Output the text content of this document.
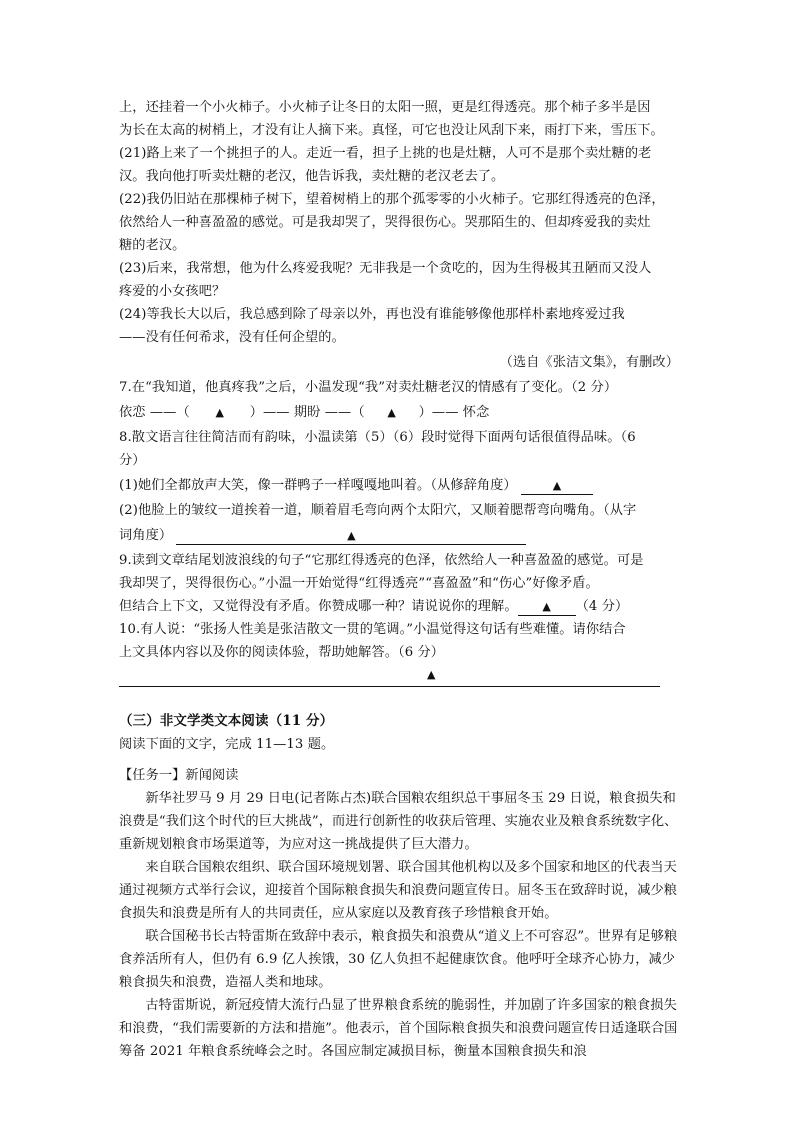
上，还挂着一个小火柿子。小火柿子让冬日的太阳一照，更是红得透亮。那个柿子多半是因

为长在太高的树梢上，才没有让人摘下来。真怪，可它也没让风刮下来，雨打下来，雪压下。

(21)路上来了一个挑担子的人。走近一看，担子上挑的也是灶糖，人可不是那个卖灶糖的老

汉。我向他打听卖灶糖的老汉，他告诉我，卖灶糖的老汉老去了。

(22)我仍旧站在那棵柿子树下，望着树梢上的那个孤零零的小火柿子。它那红得透亮的色泽，

依然给人一种喜盈盈的感觉。可是我却哭了，哭得很伤心。哭那陌生的、但却疼爱我的卖灶

糖的老汉。

(23)后来，我常想，他为什么疼爱我呢？无非我是一个贪吃的，因为生得极其丑陋而又没人

疼爱的小女孩吧？

(24)等我长大以后，我总感到除了母亲以外，再也没有谁能够像他那样朴素地疼爱过我

——没有任何希求，没有任何企望的。

（选自《张洁文集》，有删改）

7.在“我知道，他真疼我”之后，小温发现“我”对卖灶糖老汉的情感有了变化。（2 分）

依恋 ——（ ▲ ）—— 期盼 ——（ ▲ ）—— 怀念

8.散文语言往往简洁而有韵味，小温读第（5）（6）段时觉得下面两句话很值得品味。（6

分）

(1)她们全都放声大笑，像一群鸭子一样嘎嘎地叫着。（从修辞角度）	▲

(2)他脸上的皱纹一道挨着一道，顺着眉毛弯向两个太阳穴，又顺着腮帮弯向嘴角。（从字

词角度）	▲

9.读到文章结尾划波浪线的句子“它那红得透亮的色泽，依然给人一种喜盈盈的感觉。可是

我却哭了，哭得很伤心。”小温一开始觉得“红得透亮”“喜盈盈”和“伤心”好像矛盾。

但结合上下文，又觉得没有矛盾。你赞成哪一种？请说说你的理解。 ▲ （4 分）

10.有人说：“张扬人性美是张洁散文一贯的笔调。”小温觉得这句话有些难懂。请你结合

上文具体内容以及你的阅读体验，帮助她解答。（6 分）

▲

（三）非文学类文本阅读（11 分）

阅读下面的文字，完成 11—13 题。

【任务一】新闻阅读

新华社罗马 9 月 29 日电(记者陈占杰)联合国粮农组织总干事屈冬玉 29 日说，粮食损失和浪费是“我们这个时代的巨大挑战”，而进行创新性的收获后管理、实施农业及粮食系统数字化、重新规划粮食市场渠道等，为应对这一挑战提供了巨大潜力。

来自联合国粮农组织、联合国环境规划署、联合国其他机构以及多个国家和地区的代表当天通过视频方式举行会议，迎接首个国际粮食损失和浪费问题宣传日。屈冬玉在致辞时说，减少粮食损失和浪费是所有人的共同责任，应从家庭以及教育孩子珍惜粮食开始。

联合国秘书长古特雷斯在致辞中表示，粮食损失和浪费从“道义上不可容忍”。世界有足够粮食养活所有人，但仍有 6.9 亿人挨饿，30 亿人负担不起健康饮食。他呼吁全球齐心协力，减少粮食损失和浪费，造福人类和地球。

古特雷斯说，新冠疫情大流行凸显了世界粮食系统的脆弱性，并加剧了许多国家的粮食损失和浪费，“我们需要新的方法和措施”。他表示，首个国际粮食损失和浪费问题宣传日适逢联合国筹备 2021 年粮食系统峰会之时。各国应制定减损目标，衡量本国粮食损失和浪
